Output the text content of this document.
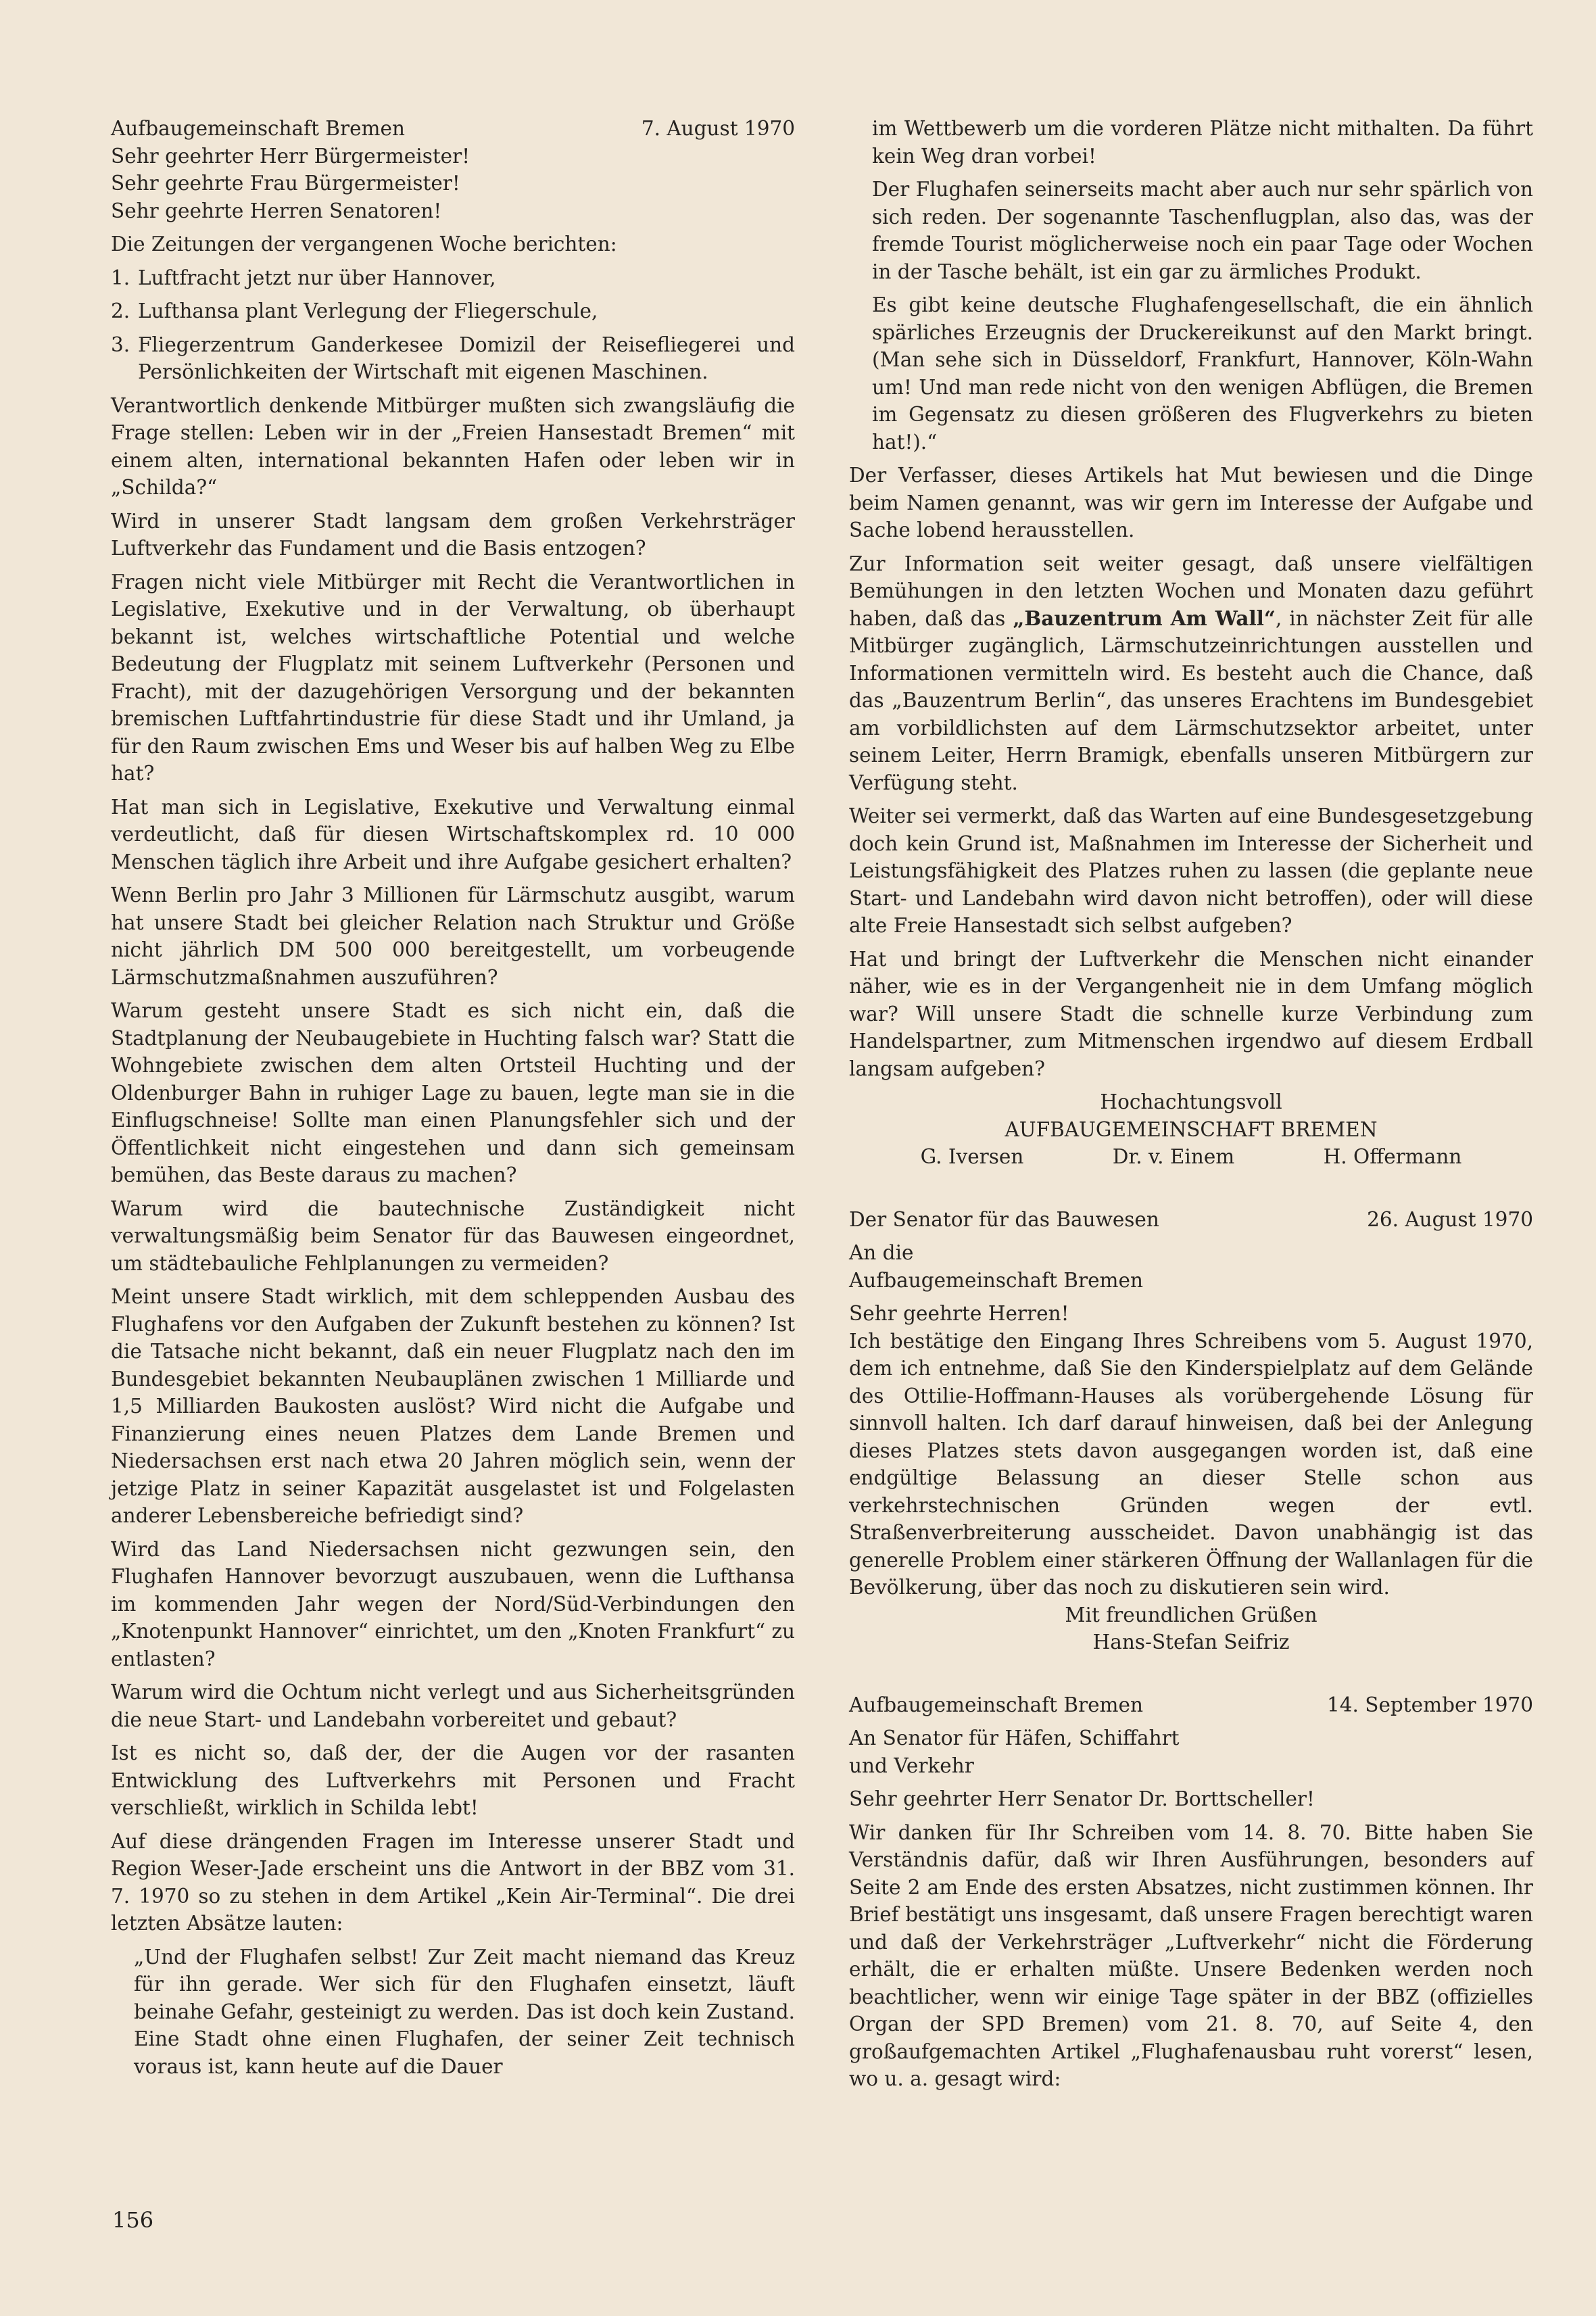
Aufbaugemeinschaft Bremen	7. August 1970

Sehr geehrter Herr Bürgermeister!

Sehr geehrte Frau Bürgermeister!

Sehr geehrte Herren Senatoren!

Die Zeitungen der vergangenen Woche berichten:

1. Luftfracht jetzt nur über Hannover,
2. Lufthansa plant Verlegung der Fliegerschule,
3. Fliegerzentrum Ganderkesee Domizil der Reisefliegerei und Persönlichkeiten der Wirtschaft mit eigenen Maschinen.

Verantwortlich denkende Mitbürger mußten sich zwangsläufig die Frage stellen: Leben wir in der „Freien Hansestadt Bremen“ mit einem alten, international bekannten Hafen oder leben wir in „Schilda?“

Wird in unserer Stadt langsam dem großen Verkehrsträger Luftverkehr das Fundament und die Basis entzogen?

Fragen nicht viele Mitbürger mit Recht die Verantwortlichen in Legislative, Exekutive und in der Verwaltung, ob überhaupt bekannt ist, welches wirtschaftliche Potential und welche Bedeutung der Flugplatz mit seinem Luftverkehr (Personen und Fracht), mit der dazugehörigen Versorgung und der bekannten bremischen Luftfahrtindustrie für diese Stadt und ihr Umland, ja für den Raum zwischen Ems und Weser bis auf halben Weg zu Elbe hat?

Hat man sich in Legislative, Exekutive und Verwaltung einmal verdeutlicht, daß für diesen Wirtschaftskomplex rd. 10 000 Menschen täglich ihre Arbeit und ihre Aufgabe gesichert erhalten?

Wenn Berlin pro Jahr 3 Millionen für Lärmschutz ausgibt, warum hat unsere Stadt bei gleicher Relation nach Struktur und Größe nicht jährlich DM 500 000 bereitgestellt, um vorbeugende Lärmschutzmaßnahmen auszuführen?

Warum gesteht unsere Stadt es sich nicht ein, daß die Stadtplanung der Neubaugebiete in Huchting falsch war? Statt die Wohngebiete zwischen dem alten Ortsteil Huchting und der Oldenburger Bahn in ruhiger Lage zu bauen, legte man sie in die Einflugschneise! Sollte man einen Planungsfehler sich und der Öffentlichkeit nicht eingestehen und dann sich gemeinsam bemühen, das Beste daraus zu machen?

Warum wird die bautechnische Zuständigkeit nicht verwaltungsmäßig beim Senator für das Bauwesen eingeordnet, um städtebauliche Fehlplanungen zu vermeiden?

Meint unsere Stadt wirklich, mit dem schleppenden Ausbau des Flughafens vor den Aufgaben der Zukunft bestehen zu können? Ist die Tatsache nicht bekannt, daß ein neuer Flugplatz nach den im Bundesgebiet bekannten Neubauplänen zwischen 1 Milliarde und 1,5 Milliarden Baukosten auslöst? Wird nicht die Aufgabe und Finanzierung eines neuen Platzes dem Lande Bremen und Niedersachsen erst nach etwa 20 Jahren möglich sein, wenn der jetzige Platz in seiner Kapazität ausgelastet ist und Folgelasten anderer Lebensbereiche befriedigt sind?

Wird das Land Niedersachsen nicht gezwungen sein, den Flughafen Hannover bevorzugt auszubauen, wenn die Lufthansa im kommenden Jahr wegen der Nord/Süd-Verbindungen den „Knotenpunkt Hannover“ einrichtet, um den „Knoten Frankfurt“ zu entlasten?

Warum wird die Ochtum nicht verlegt und aus Sicherheitsgründen die neue Start- und Landebahn vorbereitet und gebaut?

Ist es nicht so, daß der, der die Augen vor der rasanten Entwicklung des Luftverkehrs mit Personen und Fracht verschließt, wirklich in Schilda lebt!

Auf diese drängenden Fragen im Interesse unserer Stadt und Region Weser-Jade erscheint uns die Antwort in der BBZ vom 31. 7. 1970 so zu stehen in dem Artikel „Kein Air-Terminal“. Die drei letzten Absätze lauten:

„Und der Flughafen selbst! Zur Zeit macht niemand das Kreuz für ihn gerade. Wer sich für den Flughafen einsetzt, läuft beinahe Gefahr, gesteinigt zu werden. Das ist doch kein Zustand. Eine Stadt ohne einen Flughafen, der seiner Zeit technisch voraus ist, kann heute auf die Dauer

im Wettbewerb um die vorderen Plätze nicht mithalten. Da führt kein Weg dran vorbei!

Der Flughafen seinerseits macht aber auch nur sehr spärlich von sich reden. Der sogenannte Taschenflugplan, also das, was der fremde Tourist möglicherweise noch ein paar Tage oder Wochen in der Tasche behält, ist ein gar zu ärmliches Produkt.

Es gibt keine deutsche Flughafengesellschaft, die ein ähnlich spärliches Erzeugnis der Druckereikunst auf den Markt bringt. (Man sehe sich in Düsseldorf, Frankfurt, Hannover, Köln-Wahn um! Und man rede nicht von den wenigen Abflügen, die Bremen im Gegensatz zu diesen größeren des Flugverkehrs zu bieten hat!).“

Der Verfasser, dieses Artikels hat Mut bewiesen und die Dinge beim Namen genannt, was wir gern im Interesse der Aufgabe und Sache lobend herausstellen.

Zur Information seit weiter gesagt, daß unsere vielfältigen Bemühungen in den letzten Wochen und Monaten dazu geführt haben, daß das „Bauzentrum Am Wall“, in nächster Zeit für alle Mitbürger zugänglich, Lärmschutzeinrichtungen ausstellen und Informationen vermitteln wird. Es besteht auch die Chance, daß das „Bauzentrum Berlin“, das unseres Erachtens im Bundesgebiet am vorbildlichsten auf dem Lärmschutzsektor arbeitet, unter seinem Leiter, Herrn Bramigk, ebenfalls unseren Mitbürgern zur Verfügung steht.

Weiter sei vermerkt, daß das Warten auf eine Bundesgesetzgebung doch kein Grund ist, Maßnahmen im Interesse der Sicherheit und Leistungsfähigkeit des Platzes ruhen zu lassen (die geplante neue Start- und Landebahn wird davon nicht betroffen), oder will diese alte Freie Hansestadt sich selbst aufgeben?

Hat und bringt der Luftverkehr die Menschen nicht einander näher, wie es in der Vergangenheit nie in dem Umfang möglich war? Will unsere Stadt die schnelle kurze Verbindung zum Handelspartner, zum Mitmenschen irgendwo auf diesem Erdball langsam aufgeben?

Hochachtungsvoll

AUFBAUGEMEINSCHAFT BREMEN

G. Iversen	Dr. v. Einem	H. Offermann
Der Senator für das Bauwesen	26. August 1970

An die

Aufbaugemeinschaft Bremen

Sehr geehrte Herren!

Ich bestätige den Eingang Ihres Schreibens vom 5. August 1970, dem ich entnehme, daß Sie den Kinderspielplatz auf dem Gelände des Ottilie-Hoffmann-Hauses als vorübergehende Lösung für sinnvoll halten. Ich darf darauf hinweisen, daß bei der Anlegung dieses Platzes stets davon ausgegangen worden ist, daß eine endgültige Belassung an dieser Stelle schon aus verkehrstechnischen Gründen wegen der evtl. Straßenverbreiterung ausscheidet. Davon unabhängig ist das generelle Problem einer stärkeren Öffnung der Wallanlagen für die Bevölkerung, über das noch zu diskutieren sein wird.

Mit freundlichen Grüßen

Hans-Stefan Seifriz

Aufbaugemeinschaft Bremen	14. September 1970

An Senator für Häfen, Schiffahrt

und Verkehr

Sehr geehrter Herr Senator Dr. Borttscheller!

Wir danken für Ihr Schreiben vom 14. 8. 70. Bitte haben Sie Verständnis dafür, daß wir Ihren Ausführungen, besonders auf Seite 2 am Ende des ersten Absatzes, nicht zustimmen können. Ihr Brief bestätigt uns insgesamt, daß unsere Fragen berechtigt waren und daß der Verkehrsträger „Luftverkehr“ nicht die Förderung erhält, die er erhalten müßte. Unsere Bedenken werden noch beachtlicher, wenn wir einige Tage später in der BBZ (offizielles Organ der SPD Bremen) vom 21. 8. 70, auf Seite 4, den großaufgemachten Artikel „Flughafenausbau ruht vorerst“ lesen, wo u. a. gesagt wird:

156
